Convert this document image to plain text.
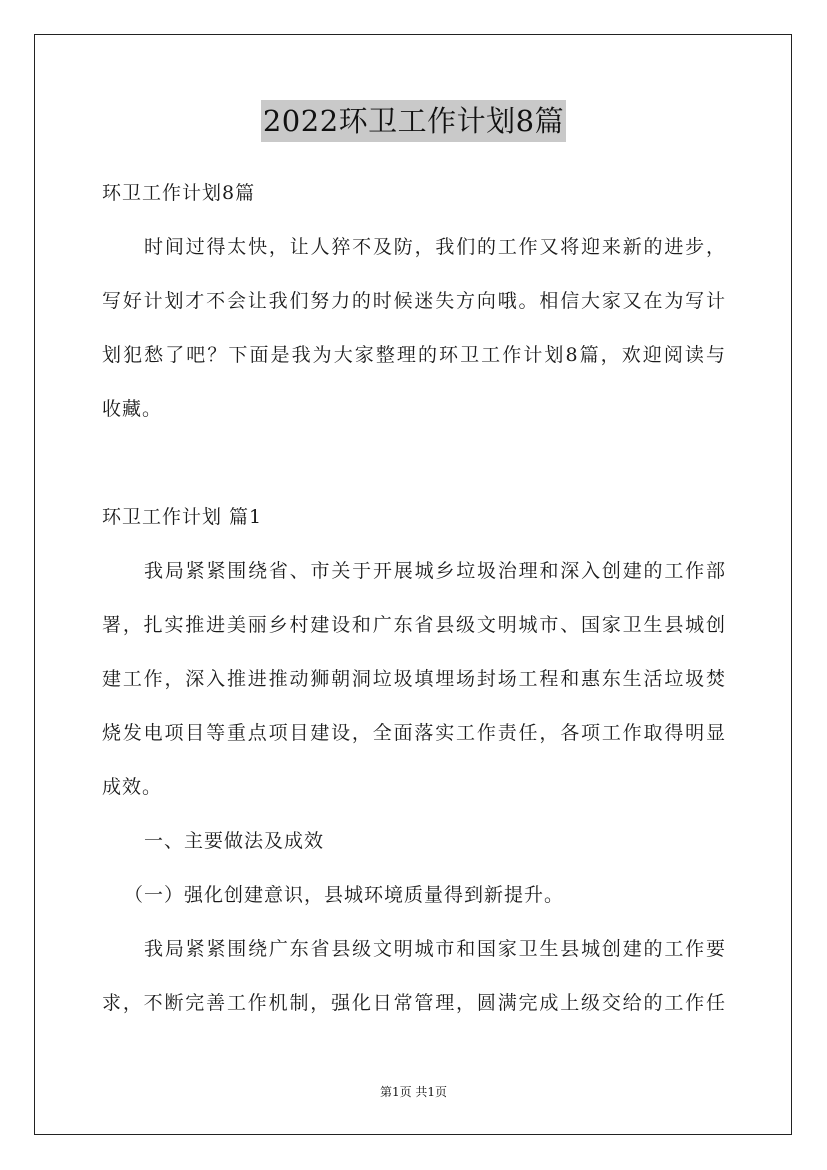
2022环卫工作计划8篇
环卫工作计划8篇
时间过得太快，让人猝不及防，我们的工作又将迎来新的进步，
写好计划才不会让我们努力的时候迷失方向哦。相信大家又在为写计
划犯愁了吧？下面是我为大家整理的环卫工作计划8篇，欢迎阅读与
收藏。
环卫工作计划 篇1
我局紧紧围绕省、市关于开展城乡垃圾治理和深入创建的工作部
署，扎实推进美丽乡村建设和广东省县级文明城市、国家卫生县城创
建工作，深入推进推动狮朝洞垃圾填埋场封场工程和惠东生活垃圾焚
烧发电项目等重点项目建设，全面落实工作责任，各项工作取得明显
成效。
一、主要做法及成效
（一）强化创建意识，县城环境质量得到新提升。
我局紧紧围绕广东省县级文明城市和国家卫生县城创建的工作要
求，不断完善工作机制，强化日常管理，圆满完成上级交给的工作任
第1页 共1页
